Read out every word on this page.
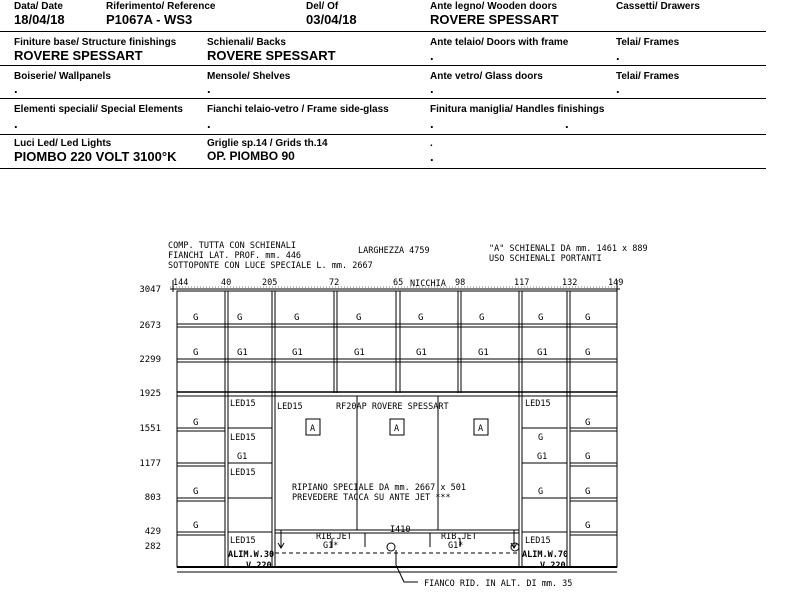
Data/ Date
18/04/18
Riferimento/ Reference
P1067A - WS3
Del/ Of
03/04/18
Ante legno/ Wooden doors
ROVERE SPESSART
Cassetti/ Drawers
Finiture base/ Structure finishings
ROVERE SPESSART
Schienali/ Backs
ROVERE SPESSART
Ante telaio/ Doors with frame
.
Telai/ Frames
.
Boiserie/ Wallpanels
.
Mensole/ Shelves
.
Ante vetro/ Glass doors
.
Telai/ Frames
.
Elementi speciali/ Special Elements
.
Fianchi telaio-vetro / Frame side-glass
.
Finitura maniglia/ Handles finishings
.	.
Luci Led/ Led Lights
PIOMBO 220 VOLT 3100°K
Griglie sp.14 / Grids th.14
OP. PIOMBO 90
.
.
COMP. TUTTA CON SCHIENALI
FIANCHI LAT. PROF. mm. 446
SOTTOPONTE CON LUCE SPECIALE L. mm. 2667
LARGHEZZA 4759	"A" SCHIENALI DA mm. 1461 x 889
USO SCHIENALI PORTANTI
144	40	205	72	65 NICCHIA 98	117	132	149
3047
2673
2299
1925
1551
1177
803
429
282
G	G	G	G	G	G	G	G
G	G1	G1	G1	G1	G1	G1	G
G
G
G
G
G
G
G
LED15
LED15
G1
LED15
LED15
LED15
G
G1
G
LED15
LED15	RF20AP ROVERE SPESSART
A	A	A
RIPIANO SPECIALE DA mm. 2667 x 501
PREVEDERE TACCA SU ANTE JET ***
RIB.JET
G1*
RIB.JET
G1*
I410
ALIM.W.30
V.220
ALIM.W.70
V.220
FIANCO RID. IN ALT. DI mm. 35
